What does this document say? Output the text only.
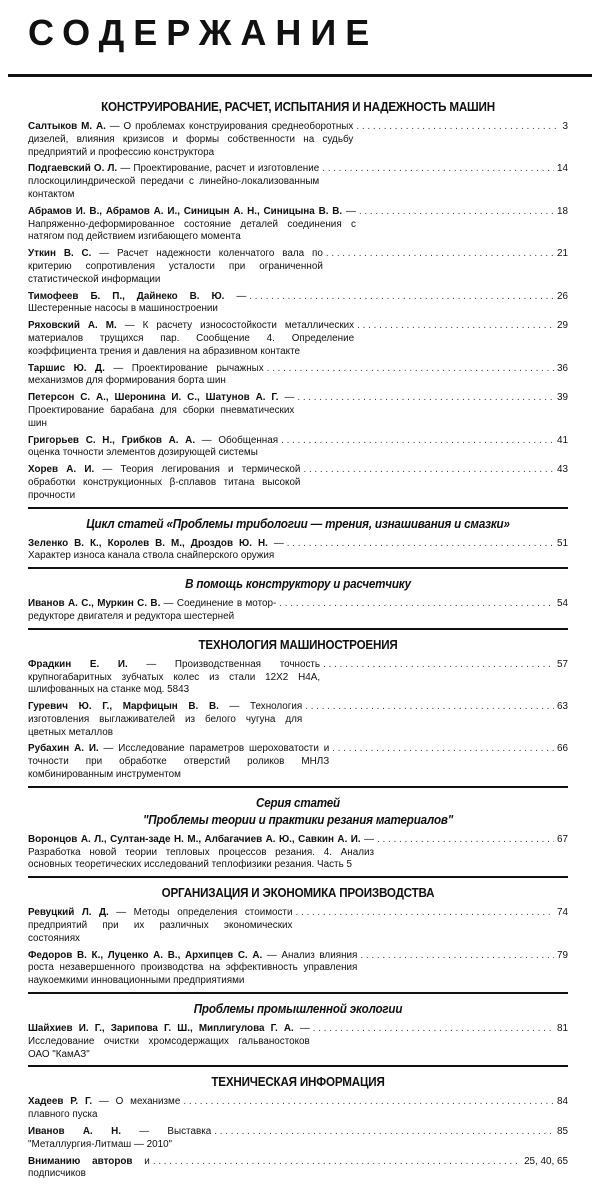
СОДЕРЖАНИЕ
КОНСТРУИРОВАНИЕ, РАСЧЕТ, ИСПЫТАНИЯ И НАДЕЖНОСТЬ МАШИН
Салтыков М. А. — О проблемах конструирования среднеоборотных дизелей, влияния кризисов и формы собственности на судьбу предприятий и профессию конструктора
. . .
3
Подгаевский О. Л. — Проектирование, расчет и изготовление плоскоцилиндрической передачи с линейно-локализованным контактом
. . .
14
Абрамов И. В., Абрамов А. И., Синицын А. Н., Синицына В. В. — Напряженно-деформированное состояние деталей соединения с натягом под действием изгибающего момента
. . .
18
Уткин В. С. — Расчет надежности коленчатого вала по критерию сопротивления усталости при ограниченной статистической информации
. . .
21
Тимофеев Б. П., Дайнеко В. Ю. — Шестеренные насосы в машиностроении
. . .
26
Ряховский А. М. — К расчету износостойкости металлических материалов трущихся пар. Сообщение 4. Определение коэффициента трения и давления на абразивном контакте
. . .
29
Таршис Ю. Д. — Проектирование рычажных механизмов для формирования борта шин
. . .
36
Петерсон С. А., Шеронина И. С., Шатунов А. Г. — Проектирование барабана для сборки пневматических шин
. . .
39
Григорьев С. Н., Грибков А. А. — Обобщенная оценка точности элементов дозирующей системы
. . .
41
Хорев А. И. — Теория легирования и термической обработки конструкционных β-сплавов титана высокой прочности
. . .
43
Цикл статей «Проблемы трибологии — трения, изнашивания и смазки»
Зеленко В. К., Королев В. М., Дроздов Ю. Н. — Характер износа канала ствола снайперского оружия
. . .
51
В помощь конструктору и расчетчику
Иванов А. С., Муркин С. В. — Соединение в мотор-редукторе двигателя и редуктора шестерней
. . .
54
ТЕХНОЛОГИЯ МАШИНОСТРОЕНИЯ
Фрадкин Е. И. — Производственная точность крупногабаритных зубчатых колес из стали 12Х2 Н4А, шлифованных на станке мод. 5843
. . .
57
Гуревич Ю. Г., Марфицын В. В. — Технология изготовления выглаживателей из белого чугуна для цветных металлов
. . .
63
Рубахин А. И. — Исследование параметров шероховатости и точности при обработке отверстий роликов МНЛЗ комбинированным инструментом
. . .
66
Серия статей
"Проблемы теории и практики резания материалов"
Воронцов А. Л., Султан-заде Н. М., Албагачиев А. Ю., Савкин А. И. — Разработка новой теории тепловых процессов резания. 4. Анализ основных теоретических исследований теплофизики резания. Часть 5
. . .
67
ОРГАНИЗАЦИЯ И ЭКОНОМИКА ПРОИЗВОДСТВА
Ревуцкий Л. Д. — Методы определения стоимости предприятий при их различных экономических состояниях
. . .
74
Федоров В. К., Луценко А. В., Архипцев С. А. — Анализ влияния роста незавершенного производства на эффективность управления наукоемкими инновационными предприятиями
. . .
79
Проблемы промышленной экологии
Шайхиев И. Г., Зарипова Г. Ш., Миплигулова Г. А. — Исследование очистки хромсодержащих гальваностоков ОАО "КамАЗ"
. . .
81
ТЕХНИЧЕСКАЯ ИНФОРМАЦИЯ
Хадеев Р. Г. — О механизме плавного пуска
. . .
84
Иванов А. Н. — Выставка "Металлургия-Литмаш — 2010"
. . .
85
Вниманию авторов и подписчиков
. . .
25, 40, 65
